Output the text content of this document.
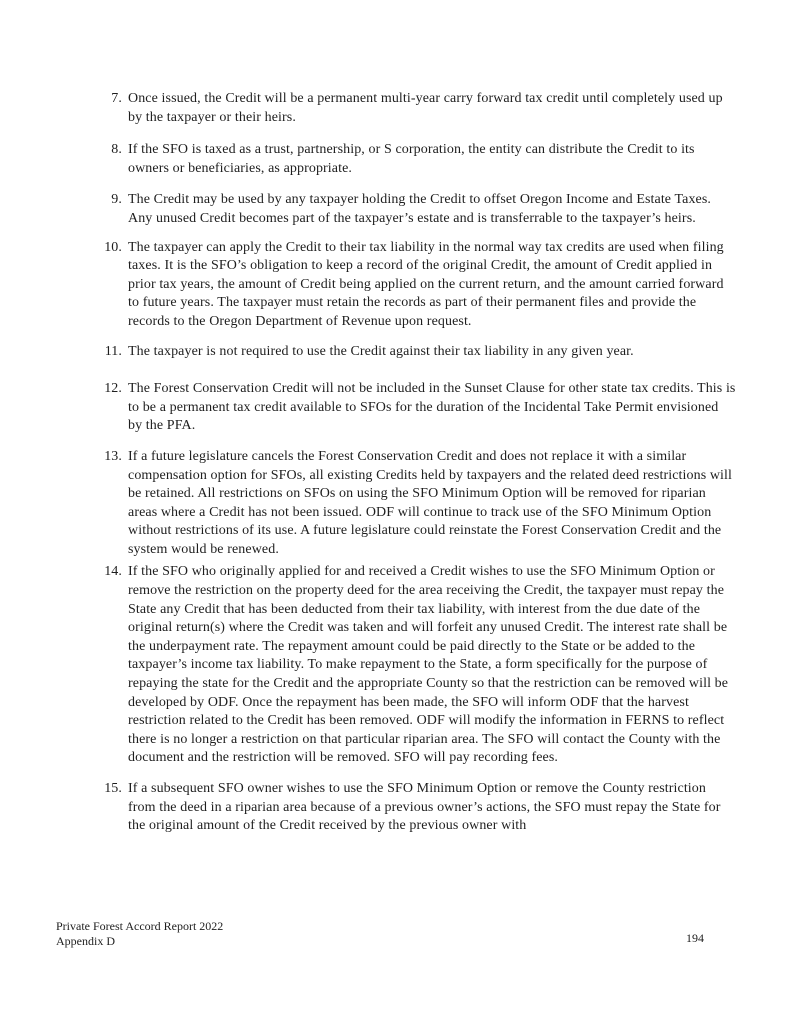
7. Once issued, the Credit will be a permanent multi-year carry forward tax credit until completely used up by the taxpayer or their heirs.
8. If the SFO is taxed as a trust, partnership, or S corporation, the entity can distribute the Credit to its owners or beneficiaries, as appropriate.
9. The Credit may be used by any taxpayer holding the Credit to offset Oregon Income and Estate Taxes. Any unused Credit becomes part of the taxpayer’s estate and is transferrable to the taxpayer’s heirs.
10. The taxpayer can apply the Credit to their tax liability in the normal way tax credits are used when filing taxes. It is the SFO’s obligation to keep a record of the original Credit, the amount of Credit applied in prior tax years, the amount of Credit being applied on the current return, and the amount carried forward to future years. The taxpayer must retain the records as part of their permanent files and provide the records to the Oregon Department of Revenue upon request.
11. The taxpayer is not required to use the Credit against their tax liability in any given year.
12. The Forest Conservation Credit will not be included in the Sunset Clause for other state tax credits. This is to be a permanent tax credit available to SFOs for the duration of the Incidental Take Permit envisioned by the PFA.
13. If a future legislature cancels the Forest Conservation Credit and does not replace it with a similar compensation option for SFOs, all existing Credits held by taxpayers and the related deed restrictions will be retained. All restrictions on SFOs on using the SFO Minimum Option will be removed for riparian areas where a Credit has not been issued. ODF will continue to track use of the SFO Minimum Option without restrictions of its use. A future legislature could reinstate the Forest Conservation Credit and the system would be renewed.
14. If the SFO who originally applied for and received a Credit wishes to use the SFO Minimum Option or remove the restriction on the property deed for the area receiving the Credit, the taxpayer must repay the State any Credit that has been deducted from their tax liability, with interest from the due date of the original return(s) where the Credit was taken and will forfeit any unused Credit. The interest rate shall be the underpayment rate. The repayment amount could be paid directly to the State or be added to the taxpayer’s income tax liability. To make repayment to the State, a form specifically for the purpose of repaying the state for the Credit and the appropriate County so that the restriction can be removed will be developed by ODF. Once the repayment has been made, the SFO will inform ODF that the harvest restriction related to the Credit has been removed. ODF will modify the information in FERNS to reflect there is no longer a restriction on that particular riparian area. The SFO will contact the County with the document and the restriction will be removed. SFO will pay recording fees.
15. If a subsequent SFO owner wishes to use the SFO Minimum Option or remove the County restriction from the deed in a riparian area because of a previous owner’s actions, the SFO must repay the State for the original amount of the Credit received by the previous owner with
Private Forest Accord Report 2022
Appendix D	194
